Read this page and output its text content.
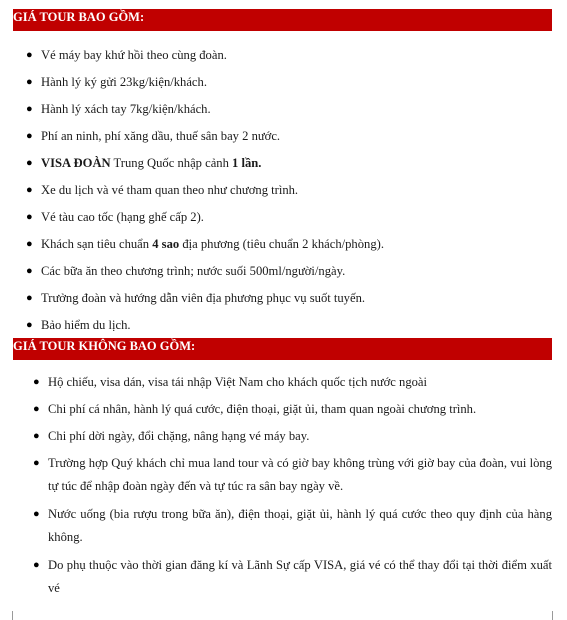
GIÁ TOUR BAO GỒM:
● Vé máy bay khứ hồi theo cùng đoàn.
● Hành lý ký gửi 23kg/kiện/khách.
● Hành lý xách tay 7kg/kiện/khách.
● Phí an ninh, phí xăng dầu, thuế sân bay 2 nước.
● VISA ĐOÀN Trung Quốc nhập cảnh 1 lần.
● Xe du lịch và vé tham quan theo như chương trình.
● Vé tàu cao tốc (hạng ghế cấp 2).
● Khách sạn tiêu chuẩn 4 sao địa phương (tiêu chuẩn 2 khách/phòng).
● Các bữa ăn theo chương trình; nước suối 500ml/người/ngày.
● Trưởng đoàn và hướng dẫn viên địa phương phục vụ suốt tuyến.
● Bảo hiểm du lịch.
GIÁ TOUR KHÔNG BAO GỒM:
● Hộ chiếu, visa dán, visa tái nhập Việt Nam cho khách quốc tịch nước ngoài
● Chi phí cá nhân, hành lý quá cước, điện thoại, giặt ủi, tham quan ngoài chương trình.
● Chi phí dời ngày, đổi chặng, nâng hạng vé máy bay.
● Trường hợp Quý khách chỉ mua land tour và có giờ bay không trùng với giờ bay của đoàn, vui lòng tự túc để nhập đoàn ngày đến và tự túc ra sân bay ngày về.
● Nước uống (bia rượu trong bữa ăn), điện thoại, giặt ủi, hành lý quá cước theo quy định của hàng không.
● Do phụ thuộc vào thời gian đăng kí và Lãnh Sự cấp VISA, giá vé có thể thay đổi tại thời điểm xuất vé
